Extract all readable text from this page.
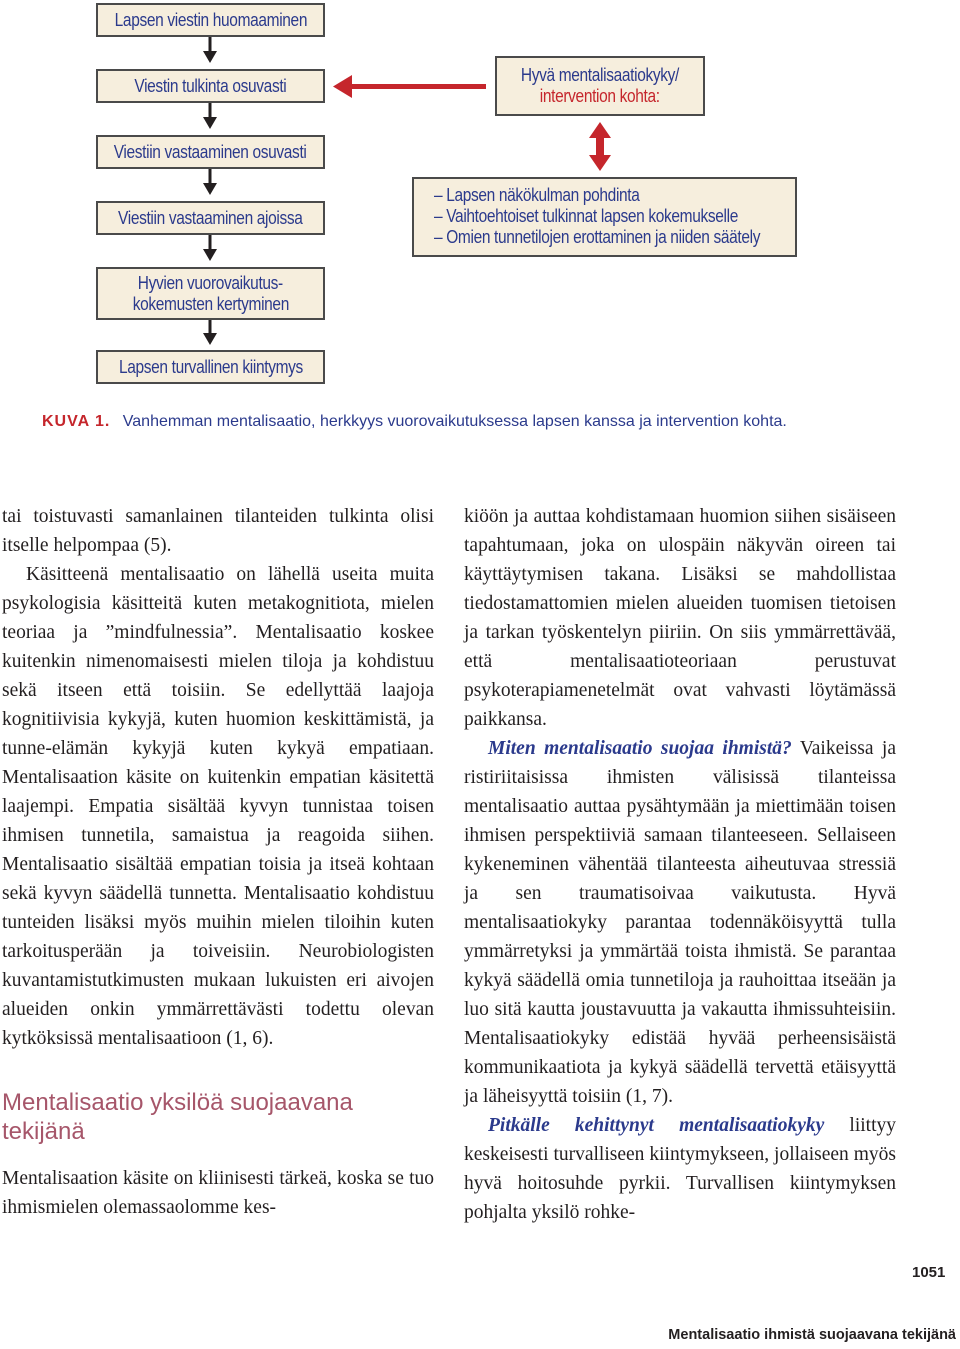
Lapsen viestin huomaaminen
Viestin tulkinta osuvasti
Viestiin vastaaminen osuvasti
Viestiin vastaaminen ajoissa
Hyvien vuorovaikutus-
kokemusten kertyminen
Lapsen turvallinen kiintymys
Hyvä mentalisaatiokyky/
intervention kohta:
– Lapsen näkökulman pohdinta
– Vaihtoehtoiset tulkinnat lapsen kokemukselle
– Omien tunnetilojen erottaminen ja niiden säätely
KUVA 1. Vanhemman mentalisaatio, herkkyys vuorovaikutuksessa lapsen kanssa ja intervention kohta.

tai toistuvasti samanlainen tilanteiden tulkinta olisi itselle helpompaa (5).

Käsitteenä mentalisaatio on lähellä useita muita psykologisia käsitteitä kuten metakognitiota, mielen teoriaa ja ”mindfulnessia”. Mentalisaatio koskee kuitenkin nimenomaisesti mielen tiloja ja kohdistuu sekä itseen että toisiin. Se edellyttää laajoja kognitiivisia kykyjä, kuten huomion keskittämistä, ja tunne-elämän kykyjä kuten kykyä empatiaan. Mentalisaation käsite on kuitenkin empatian käsitettä laajempi. Empatia sisältää kyvyn tunnistaa toisen ihmisen tunnetila, samaistua ja reagoida siihen. Mentalisaatio sisältää empatian toisia ja itseä kohtaan sekä kyvyn säädellä tunnetta. Mentalisaatio kohdistuu tunteiden lisäksi myös muihin mielen tiloihin kuten tarkoitusperään ja toiveisiin. Neurobiologisten kuvantamistutkimusten mukaan lukuisten eri aivojen alueiden onkin ymmärrettävästi todettu olevan kytköksissä mentalisaatioon (1, 6).

Mentalisaatio yksilöä suojaavana tekijänä

Mentalisaation käsite on kliinisesti tärkeä, koska se tuo ihmismielen olemassaolomme kes-

kiöön ja auttaa kohdistamaan huomion siihen sisäiseen tapahtumaan, joka on ulospäin näkyvän oireen tai käyttäytymisen takana. Lisäksi se mahdollistaa tiedostamattomien mielen alueiden tuomisen tietoisen ja tarkan työskentelyn piiriin. On siis ymmärrettävää, että mentalisaatioteoriaan perustuvat psykoterapiamenetelmät ovat vahvasti löytämässä paikkansa.

Miten mentalisaatio suojaa ihmistä? Vaikeissa ja ristiriitaisissa ihmisten välisissä tilanteissa mentalisaatio auttaa pysähtymään ja miettimään toisen ihmisen perspektiiviä samaan tilanteeseen. Sellaiseen kykeneminen vähentää tilanteesta aiheutuvaa stressiä ja sen traumatisoivaa vaikutusta. Hyvä mentalisaatiokyky parantaa todennäköisyyttä tulla ymmärretyksi ja ymmärtää toista ihmistä. Se parantaa kykyä säädellä omia tunnetiloja ja rauhoittaa itseään ja luo sitä kautta joustavuutta ja vakautta ihmissuhteisiin. Mentalisaatiokyky edistää hyvää perheensisäistä kommunikaatiota ja kykyä säädellä tervettä etäisyyttä ja läheisyyttä toisiin (1, 7).

Pitkälle kehittynyt mentalisaatiokyky liittyy keskeisesti turvalliseen kiintymykseen, jollaiseen myös hyvä hoitosuhde pyrkii. Turvallisen kiintymyksen pohjalta yksilö rohke-

1051
Mentalisaatio ihmistä suojaavana tekijänä
